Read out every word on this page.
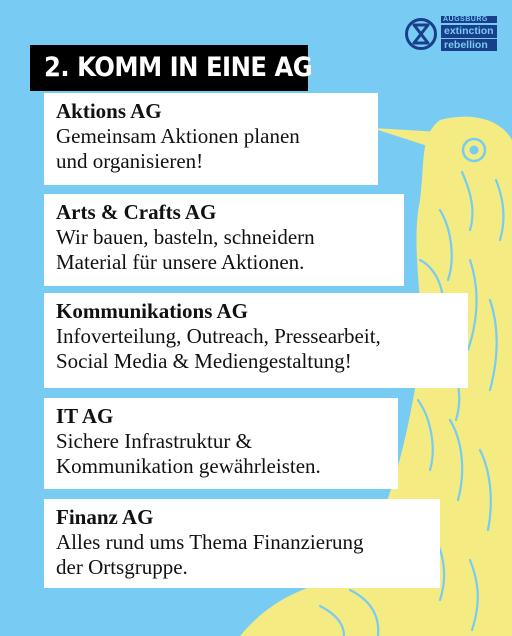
AUGSBURG
extinction
rebellion
2. KOMM IN EINE AG
Aktions AG

Gemeinsam Aktionen planen
und organisieren!

Arts & Crafts AG

Wir bauen, basteln, schneidern
Material für unsere Aktionen.

Kommunikations AG

Infoverteilung, Outreach, Pressearbeit,
Social Media & Mediengestaltung!

IT AG

Sichere Infrastruktur &
Kommunikation gewährleisten.

Finanz AG

Alles rund ums Thema Finanzierung
der Ortsgruppe.
